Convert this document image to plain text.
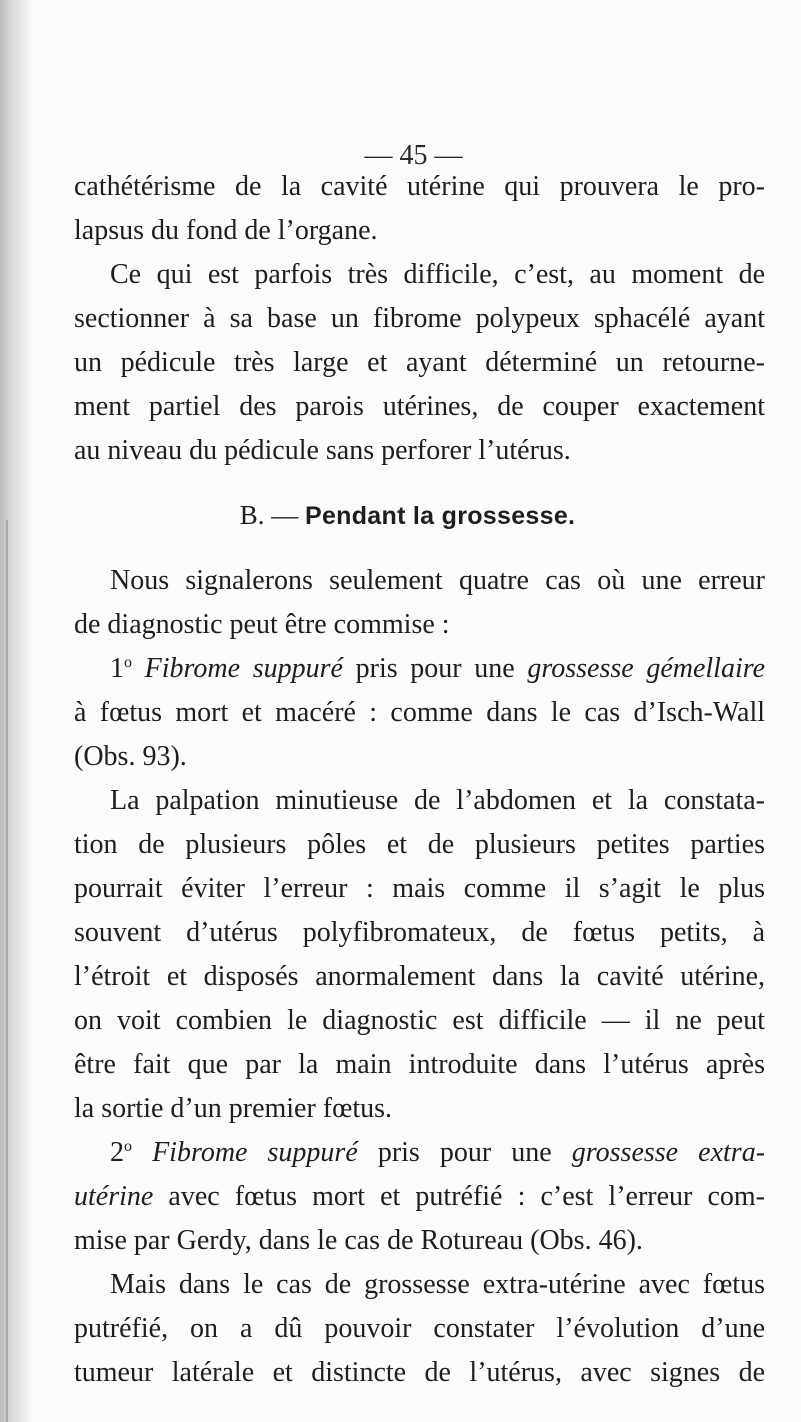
— 45 —
cathétérisme de la cavité utérine qui prouvera le pro-
lapsus du fond de l’organe.
Ce qui est parfois très difficile, c’est, au moment de
sectionner à sa base un fibrome polypeux sphacélé ayant
un pédicule très large et ayant déterminé un retourne-
ment partiel des parois utérines, de couper exactement
au niveau du pédicule sans perforer l’utérus.
B. — Pendant la grossesse.
Nous signalerons seulement quatre cas où une erreur
de diagnostic peut être commise :
1$^o$ Fibrome suppuré pris pour une grossesse gémellaire
à fœtus mort et macéré : comme dans le cas d’Isch-Wall
(Obs. 93).
La palpation minutieuse de l’abdomen et la constata-
tion de plusieurs pôles et de plusieurs petites parties
pourrait éviter l’erreur : mais comme il s’agit le plus
souvent d’utérus polyfibromateux, de fœtus petits, à
l’étroit et disposés anormalement dans la cavité utérine,
on voit combien le diagnostic est difficile — il ne peut
être fait que par la main introduite dans l’utérus après
la sortie d’un premier fœtus.
2$^o$ Fibrome suppuré pris pour une grossesse extra-
utérine avec fœtus mort et putréfié : c’est l’erreur com-
mise par Gerdy, dans le cas de Rotureau (Obs. 46).
Mais dans le cas de grossesse extra-utérine avec fœtus
putréfié, on a dû pouvoir constater l’évolution d’une
tumeur latérale et distincte de l’utérus, avec signes de
